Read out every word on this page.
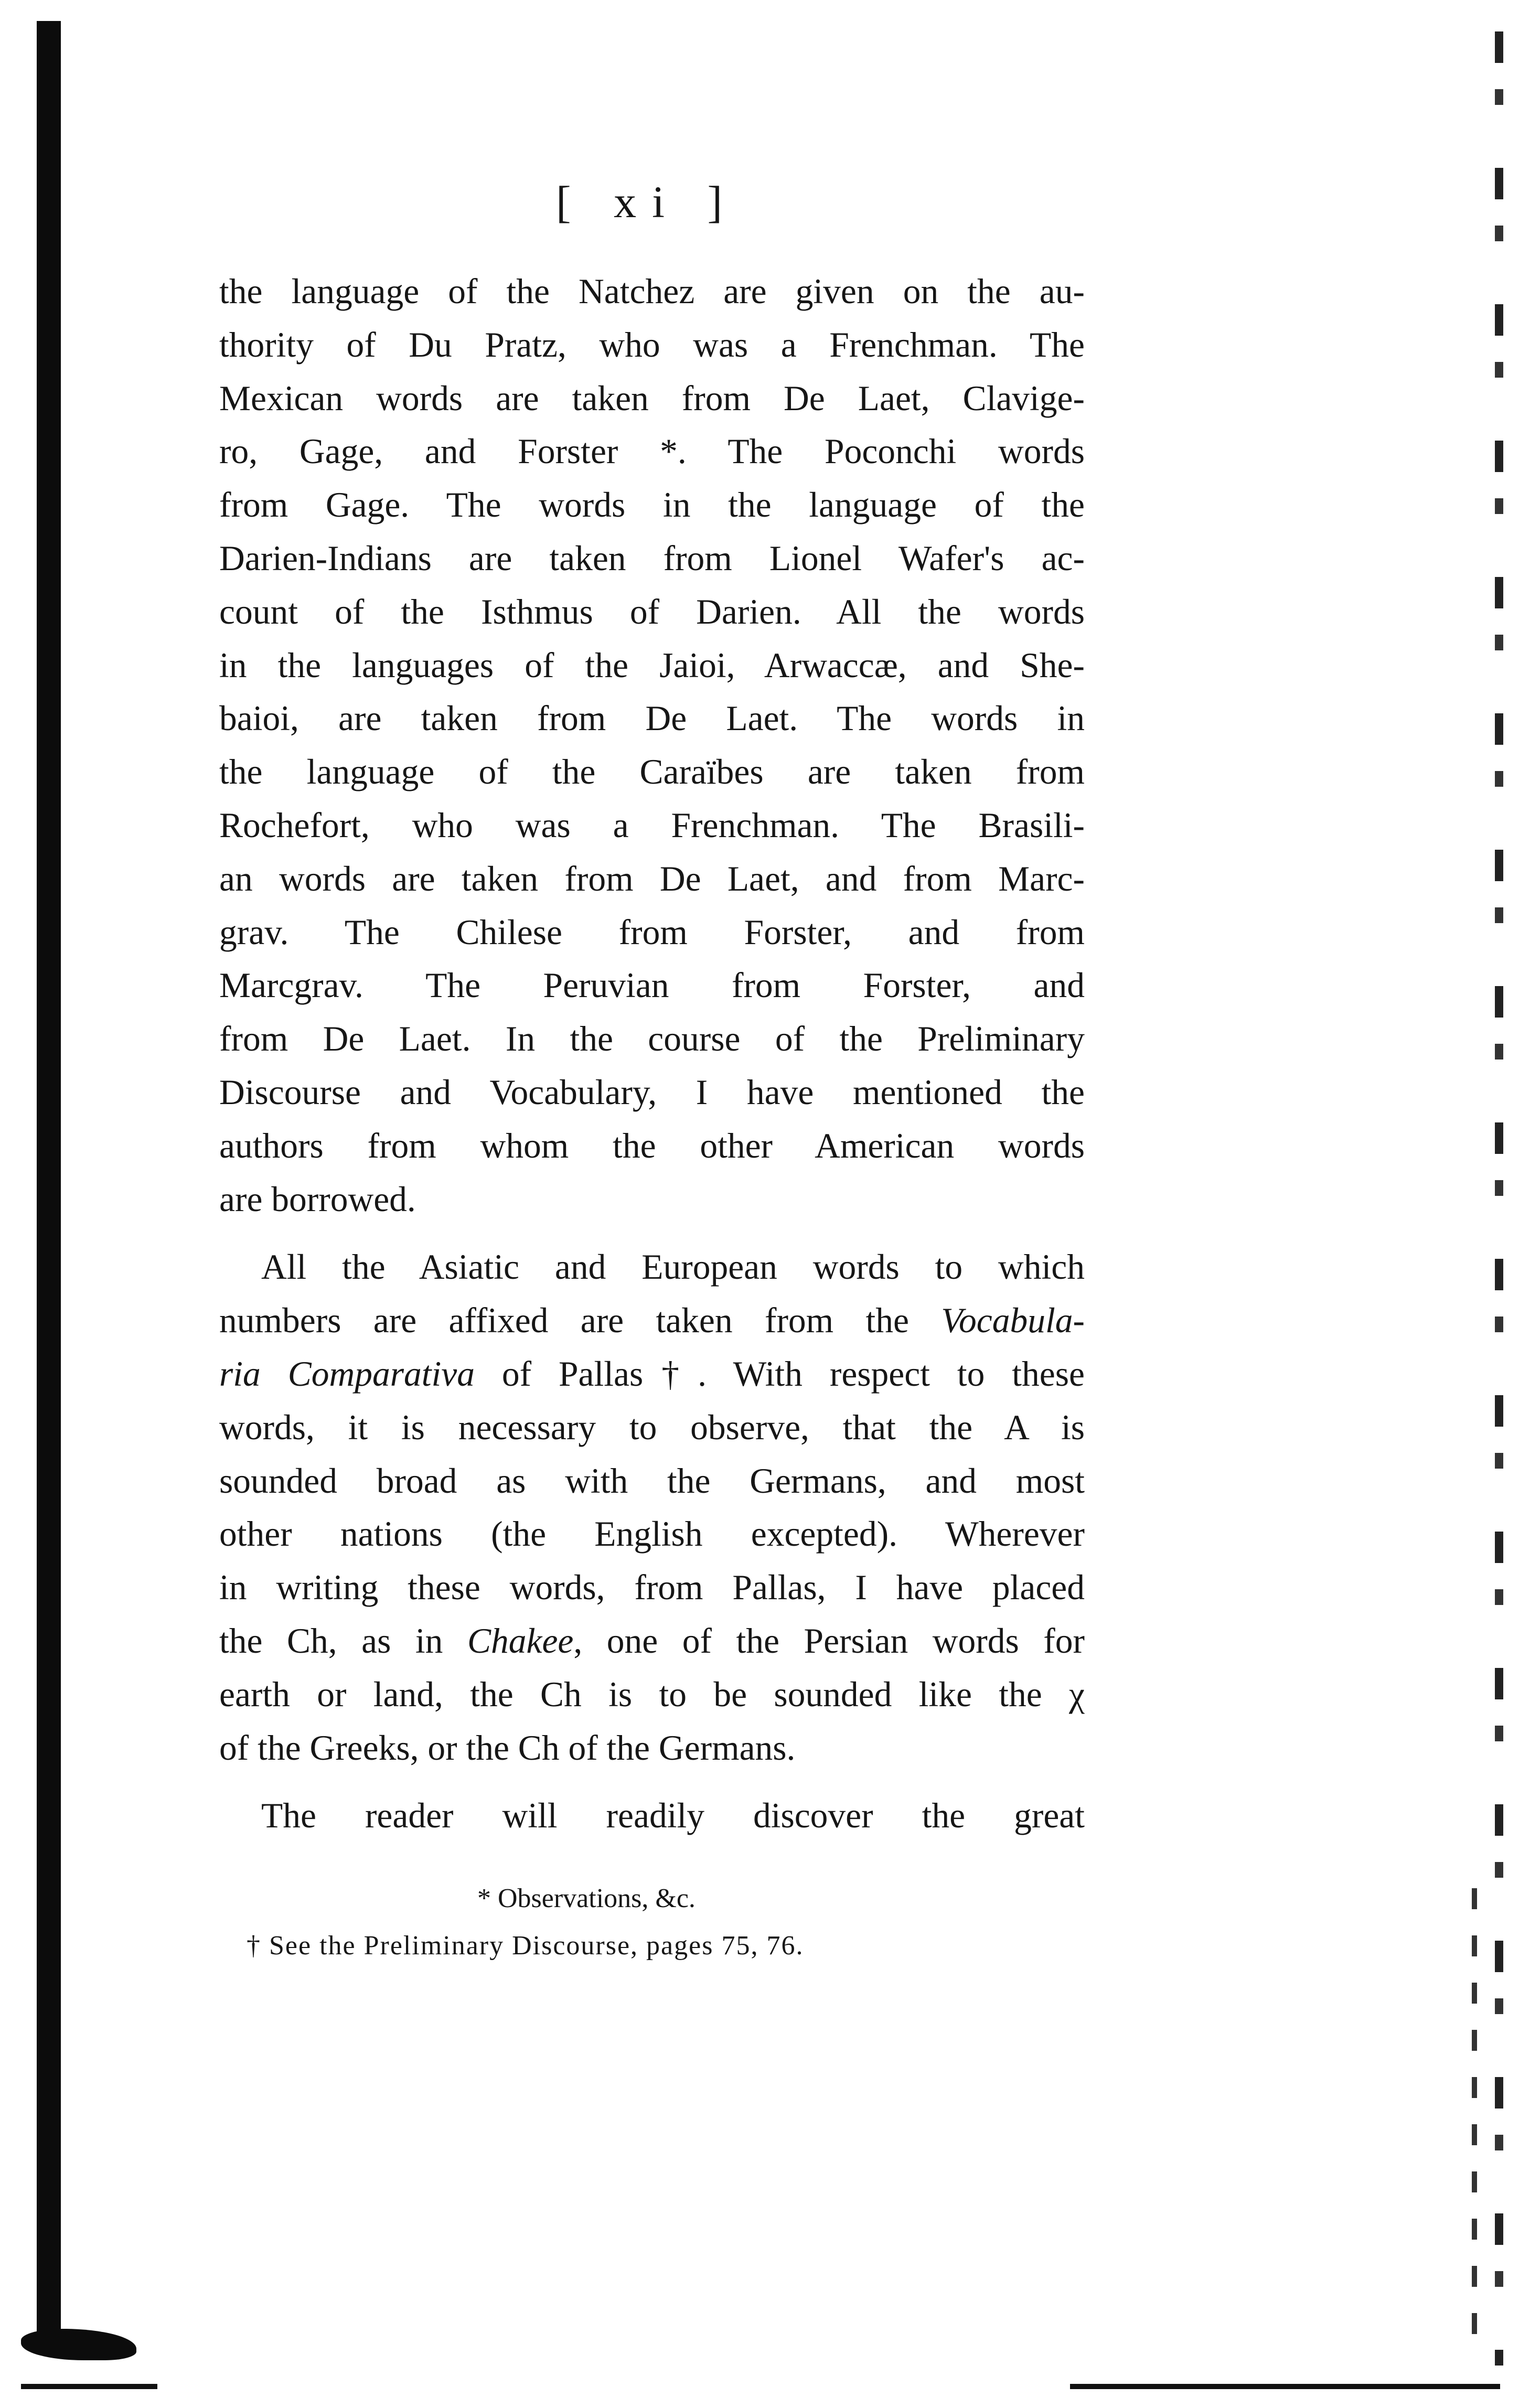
[ xi ]
the language of the Natchez are given on the au-
thority of Du Pratz, who was a Frenchman. The
Mexican words are taken from De Laet, Clavige-
ro, Gage, and Forster *. The Poconchi words
from Gage. The words in the language of the
Darien-Indians are taken from Lionel Wafer's ac-
count of the Isthmus of Darien. All the words
in the languages of the Jaioi, Arwaccæ, and She-
baioi, are taken from De Laet. The words in
the language of the Caraïbes are taken from
Rochefort, who was a Frenchman. The Brasili-
an words are taken from De Laet, and from Marc-
grav. The Chilese from Forster, and from
Marcgrav. The Peruvian from Forster, and
from De Laet. In the course of the Preliminary
Discourse and Vocabulary, I have mentioned the
authors from whom the other American words
are borrowed.
All the Asiatic and European words to which
numbers are affixed are taken from the Vocabula-
ria Comparativa of Pallas†. With respect to these
words, it is necessary to observe, that the A is
sounded broad as with the Germans, and most
other nations (the English excepted). Wherever
in writing these words, from Pallas, I have placed
the Ch, as in Chakee, one of the Persian words for
earth or land, the Ch is to be sounded like the χ
of the Greeks, or the Ch of the Germans.
The reader will readily discover the great
* Observations, &c.
† See the Preliminary Discourse, pages 75, 76.
